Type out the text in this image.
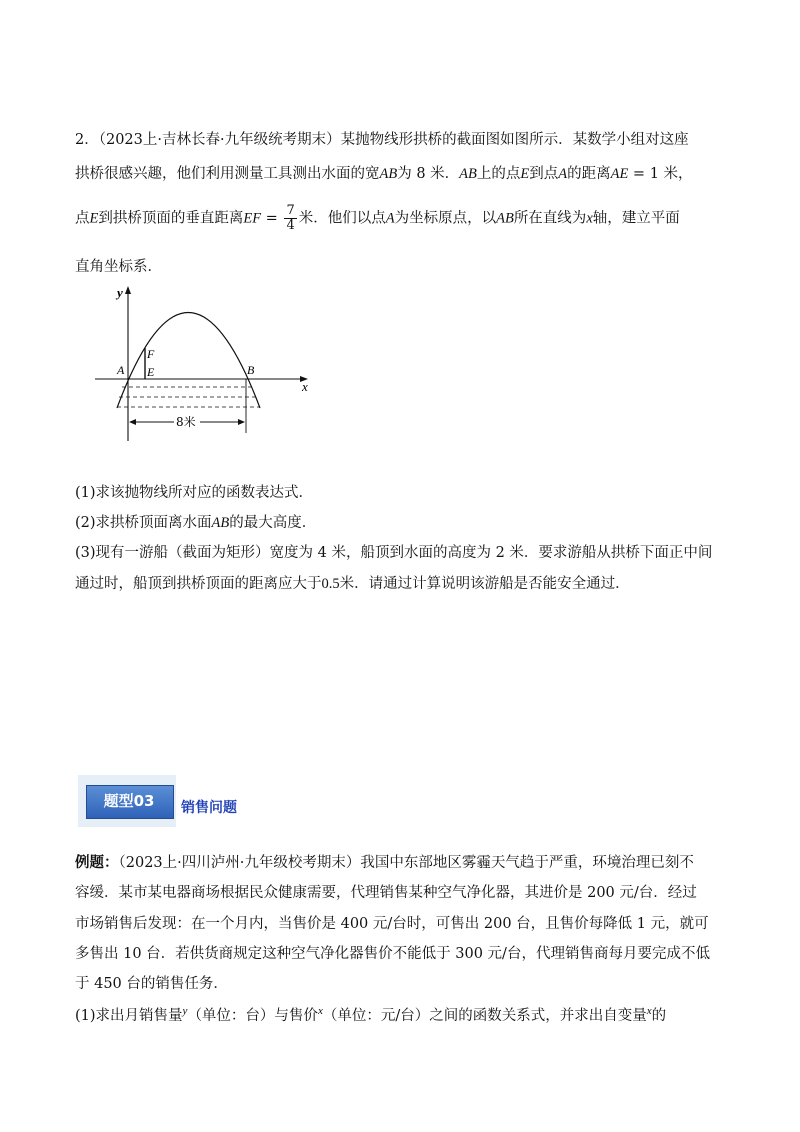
2．（2023上·吉林长春·九年级统考期末）某抛物线形拱桥的截面图如图所示．某数学小组对这座
拱桥很感兴趣，他们利用测量工具测出水面的宽AB为 8 米．AB上的点E到点A的距离AE = 1 米，
点E到拱桥顶面的垂直距离EF = $\frac{7}{4}$ 米．他们以点A为坐标原点，以AB所在直线为x轴，建立平面
直角坐标系．
y
x
F
E
A	B
8米
(1)求该抛物线所对应的函数表达式．
(2)求拱桥顶面离水面AB的最大高度．
(3)现有一游船（截面为矩形）宽度为 4 米，船顶到水面的高度为 2 米．要求游船从拱桥下面正中间
通过时，船顶到拱桥顶面的距离应大于0.5米．请通过计算说明该游船是否能安全通过．
题型03	销售问题
例题：（2023上·四川泸州·九年级校考期末）我国中东部地区雾霾天气趋于严重，环境治理已刻不
容缓．某市某电器商场根据民众健康需要，代理销售某种空气净化器，其进价是 200 元/台．经过
市场销售后发现：在一个月内，当售价是 400 元/台时，可售出 200 台，且售价每降低 1 元，就可
多售出 10 台．若供货商规定这种空气净化器售价不能低于 300 元/台，代理销售商每月要完成不低
于 450 台的销售任务．
(1)求出月销售量$^y$（单位：台）与售价$^x$（单位：元/台）之间的函数关系式，并求出自变量$^x$的
